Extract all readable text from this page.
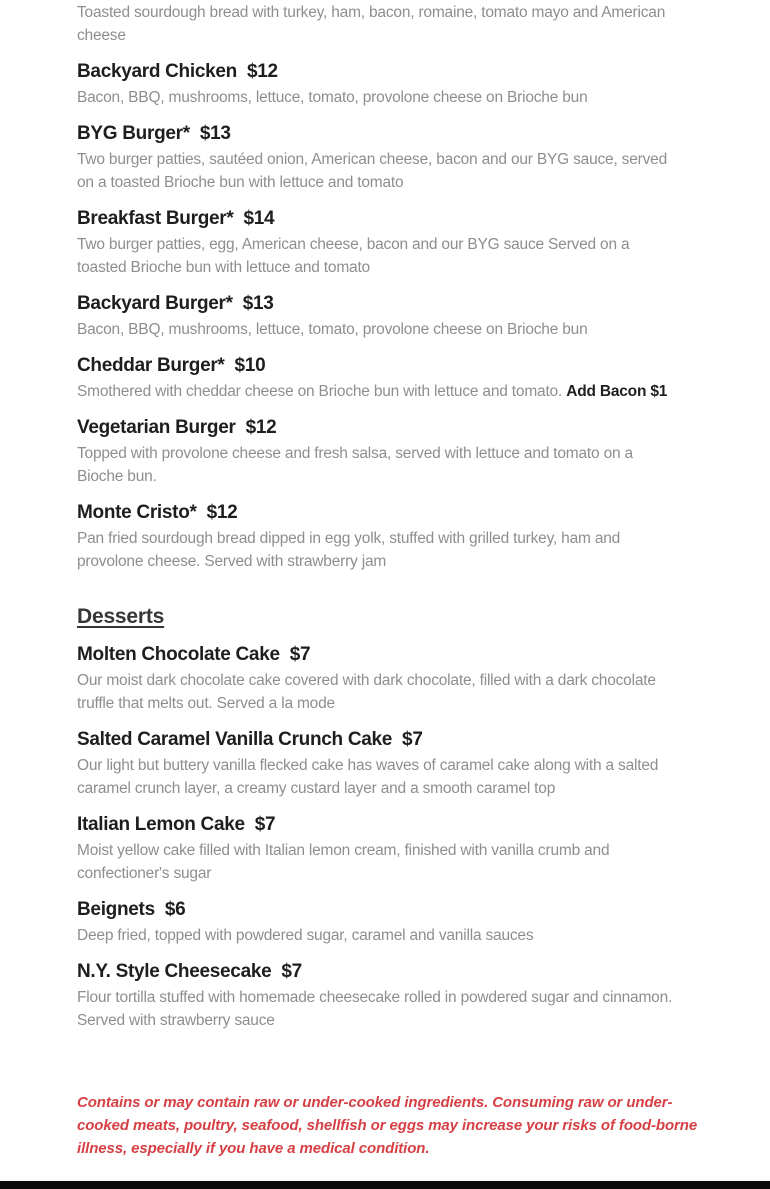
Toasted sourdough bread with turkey, ham, bacon, romaine, tomato mayo and American cheese

Backyard Chicken $12

Bacon, BBQ, mushrooms, lettuce, tomato, provolone cheese on Brioche bun

BYG Burger* $13

Two burger patties, sautéed onion, American cheese, bacon and our BYG sauce, served on a toasted Brioche bun with lettuce and tomato

Breakfast Burger* $14

Two burger patties, egg, American cheese, bacon and our BYG sauce Served on a toasted Brioche bun with lettuce and tomato

Backyard Burger* $13

Bacon, BBQ, mushrooms, lettuce, tomato, provolone cheese on Brioche bun

Cheddar Burger* $10

Smothered with cheddar cheese on Brioche bun with lettuce and tomato. Add Bacon $1

Vegetarian Burger $12

Topped with provolone cheese and fresh salsa, served with lettuce and tomato on a Bioche bun.

Monte Cristo* $12

Pan fried sourdough bread dipped in egg yolk, stuffed with grilled turkey, ham and provolone cheese. Served with strawberry jam

Desserts
Molten Chocolate Cake $7

Our moist dark chocolate cake covered with dark chocolate, filled with a dark chocolate truffle that melts out. Served a la mode

Salted Caramel Vanilla Crunch Cake $7

Our light but buttery vanilla flecked cake has waves of caramel cake along with a salted caramel crunch layer, a creamy custard layer and a smooth caramel top

Italian Lemon Cake $7

Moist yellow cake filled with Italian lemon cream, finished with vanilla crumb and confectioner's sugar

Beignets $6

Deep fried, topped with powdered sugar, caramel and vanilla sauces

N.Y. Style Cheesecake $7

Flour tortilla stuffed with homemade cheesecake rolled in powdered sugar and cinnamon. Served with strawberry sauce

Contains or may contain raw or under-cooked ingredients. Consuming raw or under-cooked meats, poultry, seafood, shellfish or eggs may increase your risks of food-borne illness, especially if you have a medical condition.
